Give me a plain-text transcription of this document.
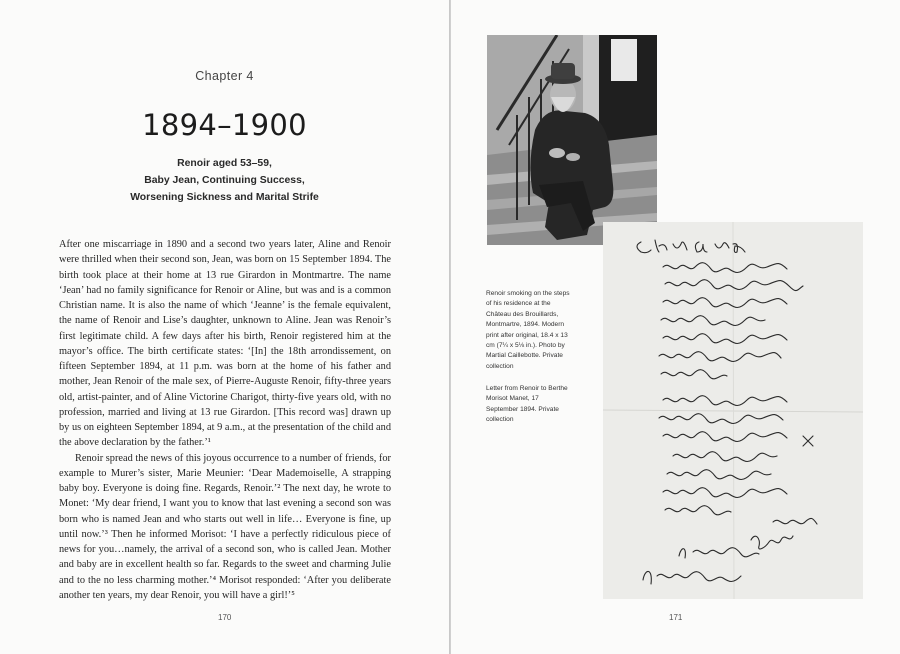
Chapter 4
1894–1900
Renoir aged 53–59,
Baby Jean, Continuing Success,
Worsening Sickness and Marital Strife

After one miscarriage in 1890 and a second two years later, Aline and Renoir were thrilled when their second son, Jean, was born on 15 September 1894. The birth took place at their home at 13 rue Girardon in Montmartre. The name ‘Jean’ had no family significance for Renoir or Aline, but was and is a common Christian name. It is also the name of which ‘Jeanne’ is the female equivalent, the name of Renoir and Lise’s daughter, unknown to Aline. Jean was Renoir’s first legitimate child. A few days after his birth, Renoir registered him at the mayor’s office. The birth certificate states: ‘[In] the 18th arrondissement, on fifteen September 1894, at 11 p.m. was born at the home of his father and mother, Jean Renoir of the male sex, of Pierre-Auguste Renoir, fifty-three years old, artist-painter, and of Aline Victorine Charigot, thirty-five years old, with no profession, married and living at 13 rue Girardon. [This record was] drawn up by us on eighteen September 1894, at 9 a.m., at the presentation of the child and the above declaration by the father.’¹

Renoir spread the news of this joyous occurrence to a number of friends, for example to Murer’s sister, Marie Meunier: ‘Dear Mademoiselle, A strapping baby boy. Everyone is doing fine. Regards, Renoir.’² The next day, he wrote to Monet: ‘My dear friend, I want you to know that last evening a second son was born who is named Jean and who starts out well in life… Everyone is fine, up until now.’³ Then he informed Morisot: ‘I have a perfectly ridiculous piece of news for you…namely, the arrival of a second son, who is called Jean. Mother and baby are in excellent health so far. Regards to the sweet and charming Julie and to the no less charming mother.’⁴ Morisot responded: ‘After you deliberate another ten years, my dear Renoir, you will have a girl!’⁵

170
Renoir smoking on the steps of his residence at the Château des Brouillards, Montmartre, 1894. Modern print after original, 18.4 x 13 cm (7¼ x 5⅛ in.). Photo by Martial Caillebotte. Private collection
Letter from Renoir to Berthe Morisot Manet, 17 September 1894. Private collection
171
